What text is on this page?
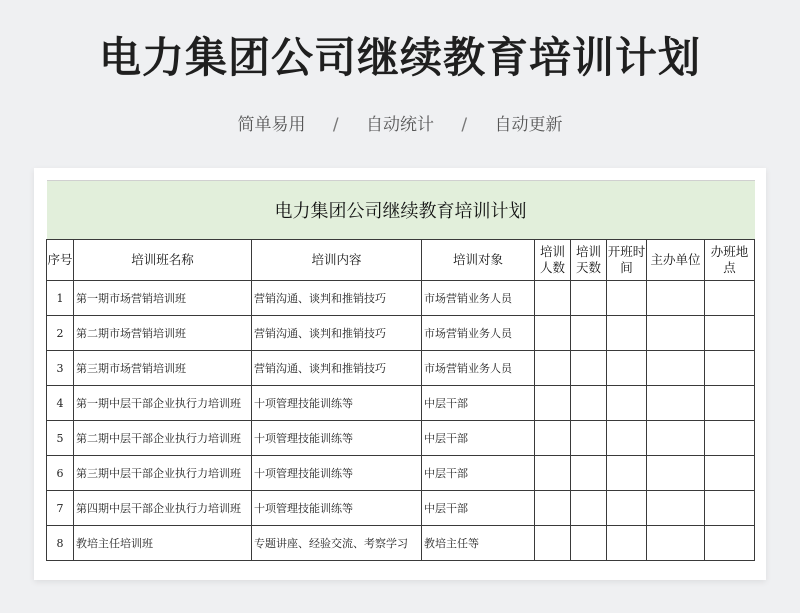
电力集团公司继续教育培训计划
简单易用 / 自动统计 / 自动更新
电力集团公司继续教育培训计划								
序号	培训班名称	培训内容	培训对象	培训人数	培训天数	开班时间	主办单位	办班地点
1	第一期市场营销培训班	营销沟通、谈判和推销技巧	市场营销业务人员					
2	第二期市场营销培训班	营销沟通、谈判和推销技巧	市场营销业务人员					
3	第三期市场营销培训班	营销沟通、谈判和推销技巧	市场营销业务人员					
4	第一期中层干部企业执行力培训班	十项管理技能训练等	中层干部					
5	第二期中层干部企业执行力培训班	十项管理技能训练等	中层干部					
6	第三期中层干部企业执行力培训班	十项管理技能训练等	中层干部					
7	第四期中层干部企业执行力培训班	十项管理技能训练等	中层干部					
8	教培主任培训班	专题讲座、经验交流、考察学习	教培主任等					
